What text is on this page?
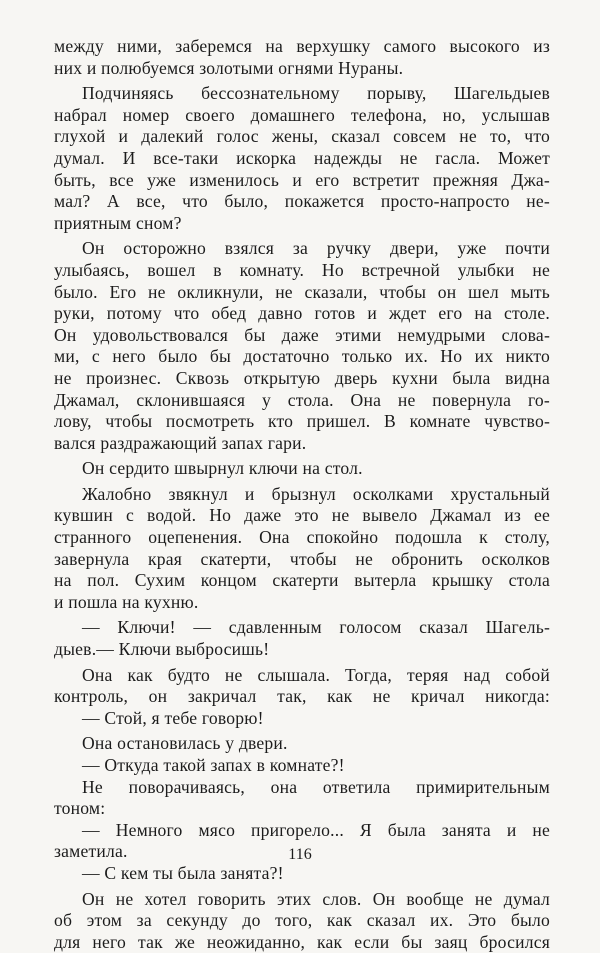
между ними, заберемся на верхушку самого высокого из
них и полюбуемся золотыми огнями Нураны.
Подчиняясь бессознательному порыву, Шагельдыев
набрал номер своего домашнего телефона, но, услышав
глухой и далекий голос жены, сказал совсем не то, что
думал. И все-таки искорка надежды не гасла. Может
быть, все уже изменилось и его встретит прежняя Джа-
мал? А все, что было, покажется просто-напросто не-
приятным сном?
Он осторожно взялся за ручку двери, уже почти
улыбаясь, вошел в комнату. Но встречной улыбки не
было. Его не окликнули, не сказали, чтобы он шел мыть
руки, потому что обед давно готов и ждет его на столе.
Он удовольствовался бы даже этими немудрыми слова-
ми, с него было бы достаточно только их. Но их никто
не произнес. Сквозь открытую дверь кухни была видна
Джамал, склонившаяся у стола. Она не повернула го-
лову, чтобы посмотреть кто пришел. В комнате чувство-
вался раздражающий запах гари.
Он сердито швырнул ключи на стол.
Жалобно звякнул и брызнул осколками хрустальный
кувшин с водой. Но даже это не вывело Джамал из ее
странного оцепенения. Она спокойно подошла к столу,
завернула края скатерти, чтобы не обронить осколков
на пол. Сухим концом скатерти вытерла крышку стола
и пошла на кухню.
— Ключи! — сдавленным голосом сказал Шагель-
дыев.— Ключи выбросишь!
Она как будто не слышала. Тогда, теряя над собой
контроль, он закричал так, как не кричал никогда:
— Стой, я тебе говорю!
Она остановилась у двери.
— Откуда такой запах в комнате?!
Не поворачиваясь, она ответила примирительным
тоном:
— Немного мясо пригорело... Я была занята и не
заметила.
— С кем ты была занята?!
Он не хотел говорить этих слов. Он вообще не думал
об этом за секунду до того, как сказал их. Это было
для него так же неожиданно, как если бы заяц бросился
116
